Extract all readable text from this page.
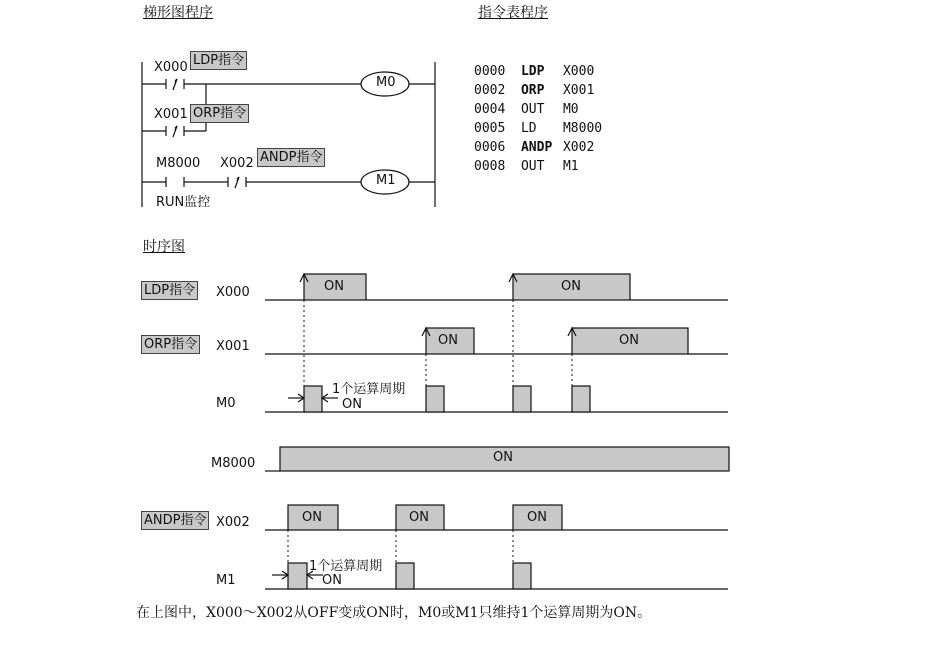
梯形图程序	指令表程序
时序图
X000 LDP指令
X001 ORP指令
M8000 X002 ANDP指令
M0
M1
RUN监控
0000 LDP X000
0002 ORP X001
0004 OUT M0
0005 LD M8000
0006 ANDP X002
0008 OUT M1
LDP指令 X000
ORP指令 X001
M0
M8000
ANDP指令 X002
M1
ON	ON
ON	ON
ON
ON
ON	ON	ON
ON
1个运算周期
1个运算周期
在上图中，X000～X002从OFF变成ON时，M0或M1只维持1个运算周期为ON。
